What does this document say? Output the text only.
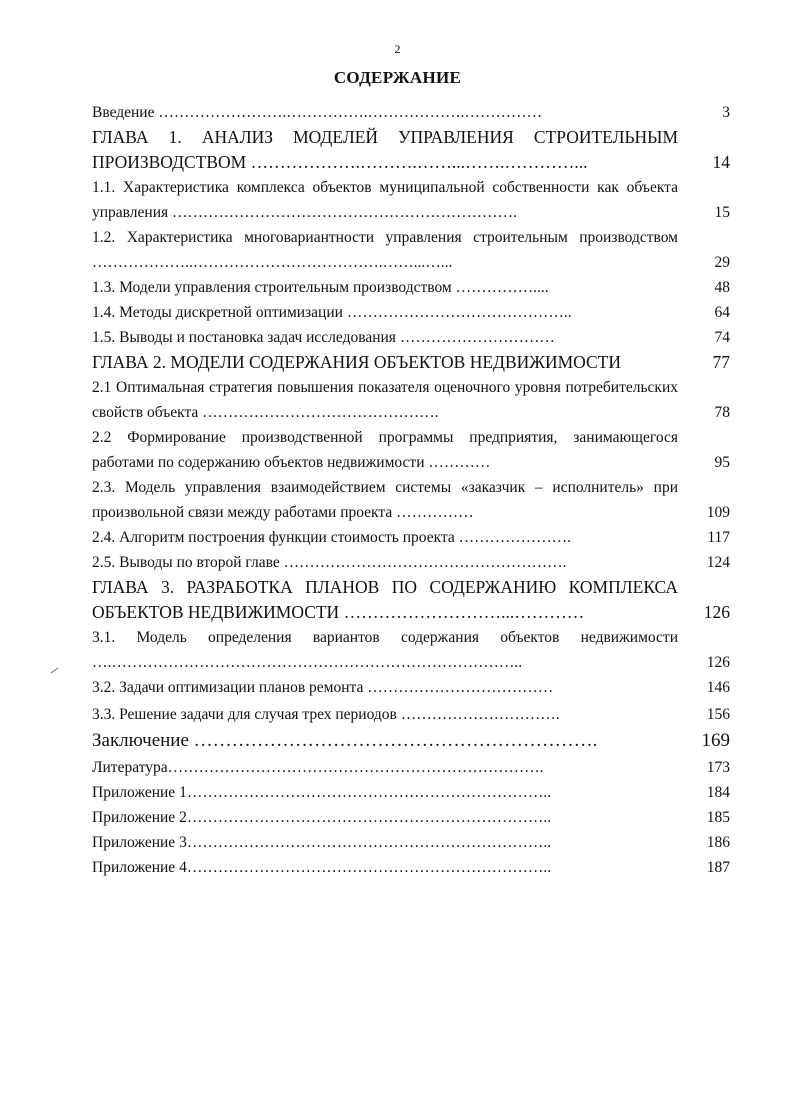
2
СОДЕРЖАНИЕ
Введение …………………….…………….……………….……………	3
ГЛАВА 1. АНАЛИЗ МОДЕЛЕЙ УПРАВЛЕНИЯ СТРОИТЕЛЬНЫМ ПРОИЗВОДСТВОМ ……………….……….……...…….…………...	14
1.1. Характеристика комплекса объектов муниципальной собственности как объекта управления ………………………………………………………….	15
1.2. Характеристика многовариантности управления строительным производством ………………..……………………………….……...…...	29
1.3. Модели управления строительным производством ……………....	48
1.4. Методы дискретной оптимизации ……………………………………..	64
1.5. Выводы и постановка задач исследования …………………………	74
ГЛАВА 2. МОДЕЛИ СОДЕРЖАНИЯ ОБЪЕКТОВ НЕДВИЖИМОСТИ	77
2.1 Оптимальная стратегия повышения показателя оценочного уровня потребительских свойств объекта ……………………………………….	78
2.2 Формирование производственной программы предприятия, занимающегося работами по содержанию объектов недвижимости …………	95
2.3. Модель управления взаимодействием системы «заказчик – исполнитель» при произвольной связи между работами проекта ……………	109
2.4. Алгоритм построения функции стоимость проекта ………………….	117
2.5. Выводы по второй главе ……………………………………………….	124
ГЛАВА 3. РАЗРАБОТКА ПЛАНОВ ПО СОДЕРЖАНИЮ КОМПЛЕКСА ОБЪЕКТОВ НЕДВИЖИМОСТИ ………………………...…………	126
3.1. Модель определения вариантов содержания объектов недвижимости ….……………………………………………………………………..	126
3.2. Задачи оптимизации планов ремонта ………………………………	146
3.3. Решение задачи для случая трех периодов ………………………….	156
Заключение ……………………………………………………….	169
Литература……………………………………………………………….	173
Приложение 1……………………………………………………………..	184
Приложение 2……………………………………………………………..	185
Приложение 3……………………………………………………………..	186
Приложение 4……………………………………………………………..	187
